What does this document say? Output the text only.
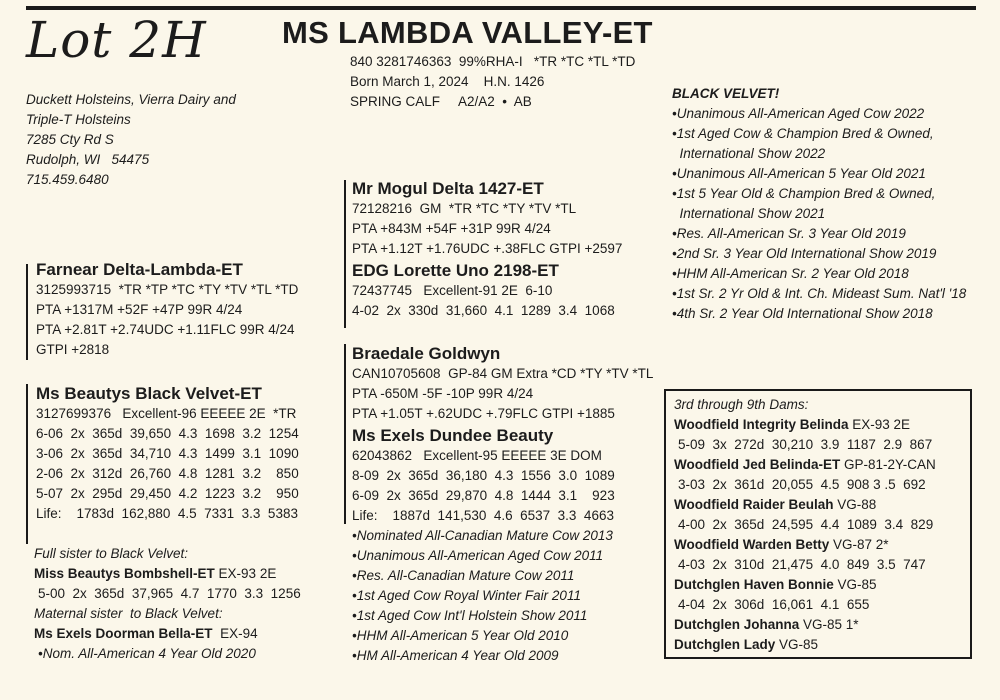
Lot 2H MS LAMBDA VALLEY-ET
840 3281746363  99%RHA-I   *TR *TC *TL *TD
Born March 1, 2024    H.N. 1426
SPRING CALF     A2/A2  •  AB
Duckett Holsteins, Vierra Dairy and
Triple-T Holsteins
7285 Cty Rd S
Rudolph, WI   54475
715.459.6480
Farnear Delta-Lambda-ET
3125993715  *TR *TP *TC *TY *TV *TL *TD
PTA +1317M +52F +47P 99R 4/24
PTA +2.81T +2.74UDC +1.11FLC 99R 4/24
GTPI +2818
Ms Beautys Black Velvet-ET
3127699376   Excellent-96 EEEEE 2E  *TR
6-06  2x  365d  39,650  4.3  1698  3.2  1254
3-06  2x  365d  34,710  4.3  1499  3.1  1090
2-06  2x  312d  26,760  4.8  1281  3.2    850
5-07  2x  295d  29,450  4.2  1223  3.2    950
Life:    1783d  162,880  4.5  7331  3.3  5383
Full sister to Black Velvet:
Miss Beautys Bombshell-ET EX-93 2E
5-00  2x  365d  37,965  4.7  1770  3.3  1256
Maternal sister  to Black Velvet:
Ms Exels Doorman Bella-ET  EX-94
•Nom. All-American 4 Year Old 2020
Mr Mogul Delta 1427-ET
72128216  GM  *TR *TC *TY *TV *TL
PTA +843M +54F +31P 99R 4/24
PTA +1.12T +1.76UDC +.38FLC GTPI +2597
EDG Lorette Uno 2198-ET
72437745   Excellent-91 2E  6-10
4-02  2x  330d  31,660  4.1  1289  3.4  1068
Braedale Goldwyn
CAN10705608  GP-84 GM Extra *CD *TY *TV *TL
PTA -650M -5F -10P 99R 4/24
PTA +1.05T +.62UDC +.79FLC GTPI +1885
Ms Exels Dundee Beauty
62043862   Excellent-95 EEEEE 3E DOM
8-09  2x  365d  36,180  4.3  1556  3.0  1089
6-09  2x  365d  29,870  4.8  1444  3.1    923
Life:    1887d  141,530  4.6  6537  3.3  4663
•Nominated All-Canadian Mature Cow 2013
•Unanimous All-American Aged Cow 2011
•Res. All-Canadian Mature Cow 2011
•1st Aged Cow Royal Winter Fair 2011
•1st Aged Cow Int'l Holstein Show 2011
•HHM All-American 5 Year Old 2010
•HM All-American 4 Year Old 2009
BLACK VELVET!
•Unanimous All-American Aged Cow 2022
•1st Aged Cow & Champion Bred & Owned,
International Show 2022
•Unanimous All-American 5 Year Old 2021
•1st 5 Year Old & Champion Bred & Owned,
International Show 2021
•Res. All-American Sr. 3 Year Old 2019
•2nd Sr. 3 Year Old International Show 2019
•HHM All-American Sr. 2 Year Old 2018
•1st Sr. 2 Yr Old & Int. Ch. Mideast Sum. Nat'l '18
•4th Sr. 2 Year Old International Show 2018
3rd through 9th Dams:
Woodfield Integrity Belinda EX-93 2E
5-09  3x  272d  30,210  3.9  1187  2.9  867
Woodfield Jed Belinda-ET GP-81-2Y-CAN
3-03  2x  361d  20,055  4.5  908 3 .5  692
Woodfield Raider Beulah VG-88
4-00  2x  365d  24,595  4.4  1089  3.4  829
Woodfield Warden Betty VG-87 2*
4-03  2x  310d  21,475  4.0  849  3.5  747
Dutchglen Haven Bonnie VG-85
4-04  2x  306d  16,061  4.1  655
Dutchglen Johanna VG-85 1*
Dutchglen Lady VG-85
